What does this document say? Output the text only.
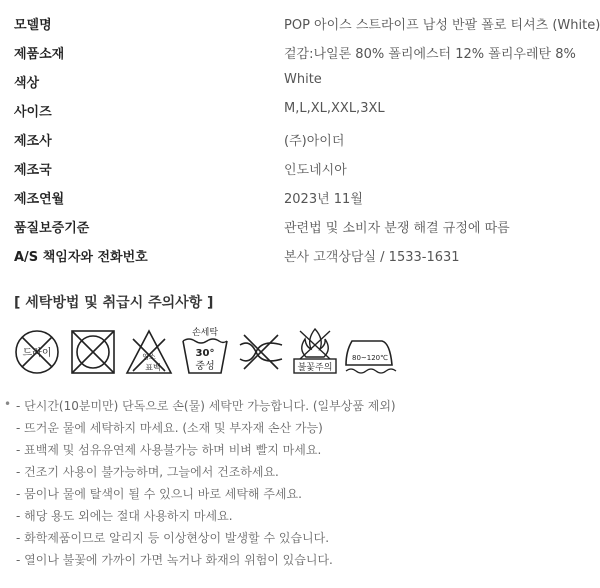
모델명	POP 아이스 스트라이프 남성 반팔 폴로 티셔츠 (White)
제품소재	겉감:나일론 80% 폴리에스터 12% 폴리우레탄 8%
색상	White
사이즈	M,L,XL,XXL,3XL
제조사	(주)아이더
제조국	인도네시아
제조연월	2023년 11월
품질보증기준	관련법 및 소비자 분쟁 해결 규정에 따름
A/S 책임자와 전화번호	본사 고객상담실 / 1533-1631
[ 세탁방법 및 취급시 주의사항 ]
드라이	염소
표백
손세탁
30°
중성	불꽃주의
80~120℃
• - 단시간(10분미만) 단독으로 손(물) 세탁만 가능합니다. (일부상품 제외)
- 뜨거운 물에 세탁하지 마세요. (소재 및 부자재 손산 가능)
- 표백제 및 섬유유연제 사용불가능 하며 비벼 빨지 마세요.
- 건조기 사용이 불가능하며, 그늘에서 건조하세요.
- 뭄이나 물에 탈색이 될 수 있으니 바로 세탁해 주세요.
- 해당 용도 외에는 절대 사용하지 마세요.
- 화학제품이므로 알리지 등 이상현상이 발생할 수 있습니다.
- 열이나 불꽃에 가까이 가면 녹거나 화재의 위험이 있습니다.
